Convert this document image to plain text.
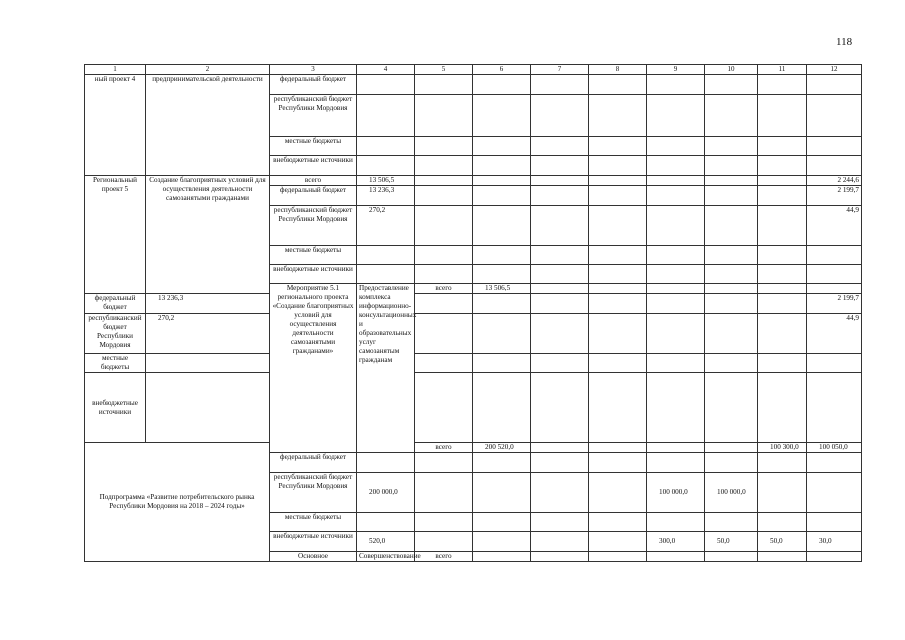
118
1	2	3	4	5	6	7	8	9	10	11	12	
ный проект 4	предпринимательской деятельности	федеральный бюджет										
		республиканский бюджет Республики Мордовия										
		местные бюджеты										
		внебюджетные источники										
Региональный проект 5	Создание благоприятных условий для осуществления деятельности самозанятыми гражданами	всего	13 506,5								2 244,6	
		федеральный бюджет	13 236,3								2 199,7	
		республиканский бюджет Республики Мордовия	270,2								44,9	
		местные бюджеты										
		внебюджетные источники										
		Мероприятие 5.1 регионального проекта «Создание благоприятных условий для осуществления деятельности самозанятыми гражданами»	Предоставление комплекса информационно-консультационных и образовательных услуг самозанятым гражданам	всего	13 506,5								
федеральный бюджет	13 236,3										2 199,7	
республиканский бюджет Республики Мордовия	270,2										44,9	
местные бюджеты												
внебюджетные источники												
Подпрограмма «Развитие потребительского рынка Республики Мордовия на 2018 – 2024 годы»				всего	200 520,0					100 300,0	100 050,0		
		федеральный бюджет										
		республиканский бюджет Республики Мордовия	200 000,0					100 000,0	100 000,0			
		местные бюджеты										
		внебюджетные источники	520,0					300,0	50,0	50,0	30,0	
		Основное	Совершенствование	всего									
